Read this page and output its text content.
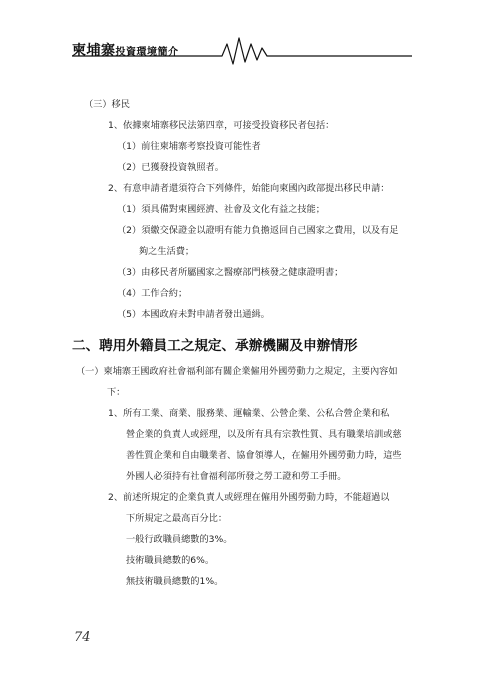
柬埔寨投資環境簡介
（三）移民
1、依據柬埔寨移民法第四章，可接受投資移民者包括：
（1）前往柬埔寨考察投資可能性者
（2）已獲發投資執照者。
2、有意申請者還須符合下列條件，始能向柬國內政部提出移民申請：
（1）須具備對柬國經濟、社會及文化有益之技能；
（2）須繳交保證金以證明有能力負擔返回自己國家之費用，以及有足
夠之生活費；
（3）由移民者所屬國家之醫療部門核發之健康證明書；
（4）工作合約；
（5）本國政府未對申請者發出通緝。
二、聘用外籍員工之規定、承辦機關及申辦情形
（一）柬埔寨王國政府社會福利部有關企業僱用外國勞動力之規定，主要內容如
下：
1、所有工業、商業、服務業、運輸業、公營企業、公私合營企業和私
營企業的負責人或經理，以及所有具有宗教性質、具有職業培訓或慈
善性質企業和自由職業者、協會領導人，在僱用外國勞動力時，這些
外國人必須持有社會福利部所發之勞工證和勞工手冊。
2、前述所規定的企業負責人或經理在僱用外國勞動力時，不能超過以
下所規定之最高百分比：
一般行政職員總數的3%。
技術職員總數的6%。
無技術職員總數的1%。
74
